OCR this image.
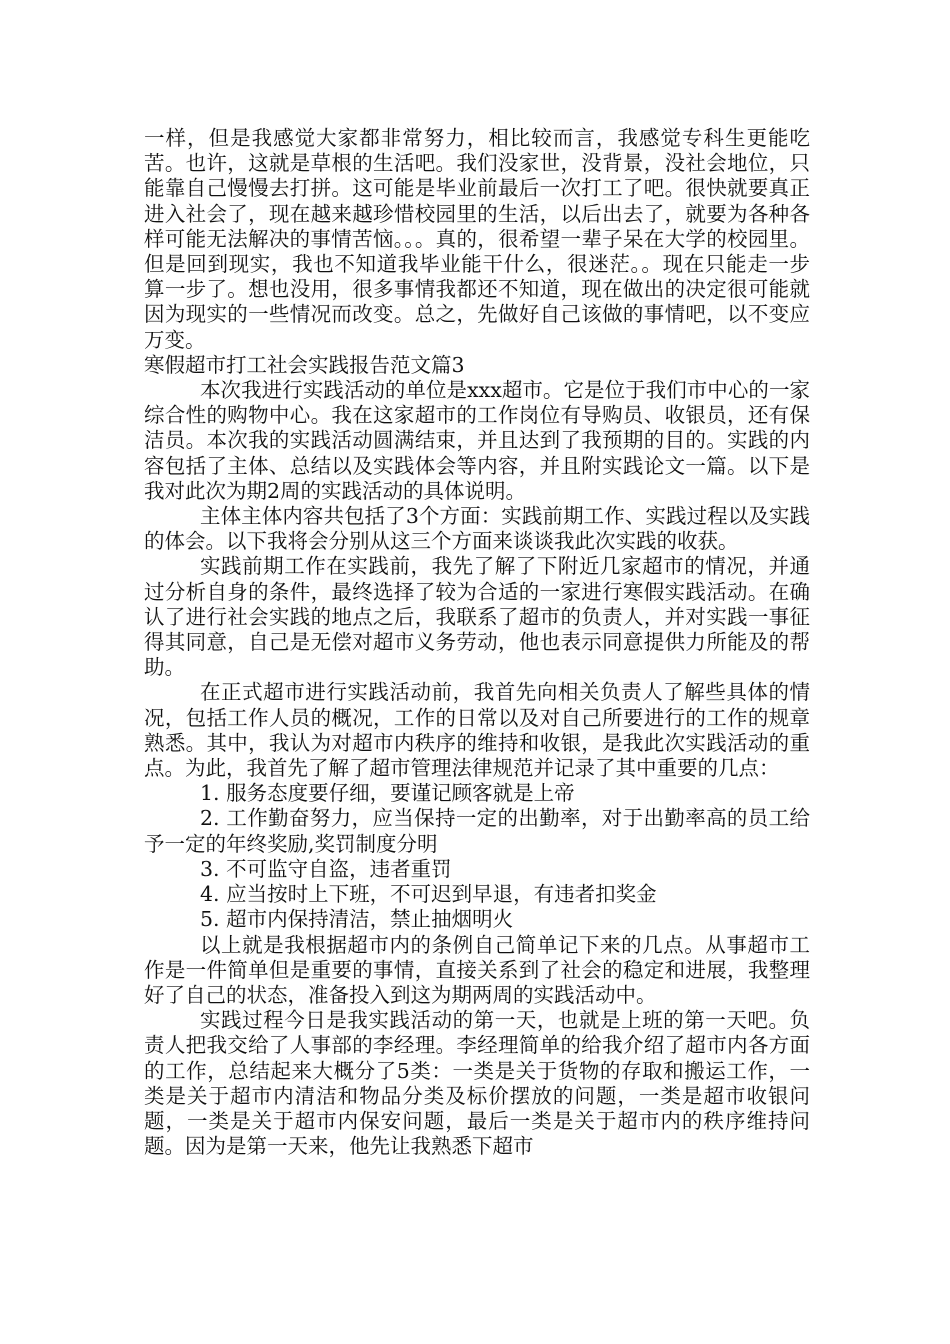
一样，但是我感觉大家都非常努力，相比较而言，我感觉专科生更能吃苦。也许，这就是草根的生活吧。我们没家世，没背景，没社会地位，只能靠自己慢慢去打拼。这可能是毕业前最后一次打工了吧。很快就要真正进入社会了，现在越来越珍惜校园里的生活，以后出去了，就要为各种各样可能无法解决的事情苦恼。。。真的，很希望一辈子呆在大学的校园里。但是回到现实，我也不知道我毕业能干什么，很迷茫。。现在只能走一步算一步了。想也没用，很多事情我都还不知道，现在做出的决定很可能就因为现实的一些情况而改变。总之，先做好自己该做的事情吧，以不变应万变。

寒假超市打工社会实践报告范文篇3

本次我进行实践活动的单位是xxx超市。它是位于我们市中心的一家综合性的购物中心。我在这家超市的工作岗位有导购员、收银员，还有保洁员。本次我的实践活动圆满结束，并且达到了我预期的目的。实践的内容包括了主体、总结以及实践体会等内容，并且附实践论文一篇。以下是我对此次为期2周的实践活动的具体说明。

主体主体内容共包括了3个方面：实践前期工作、实践过程以及实践的体会。以下我将会分别从这三个方面来谈谈我此次实践的收获。

实践前期工作在实践前，我先了解了下附近几家超市的情况，并通过分析自身的条件，最终选择了较为合适的一家进行寒假实践活动。在确认了进行社会实践的地点之后，我联系了超市的负责人，并对实践一事征得其同意，自己是无偿对超市义务劳动，他也表示同意提供力所能及的帮助。

在正式超市进行实践活动前，我首先向相关负责人了解些具体的情况，包括工作人员的概况，工作的日常以及对自己所要进行的工作的规章熟悉。其中，我认为对超市内秩序的维持和收银，是我此次实践活动的重点。为此，我首先了解了超市管理法律规范并记录了其中重要的几点：

1. 服务态度要仔细，要谨记顾客就是上帝

2. 工作勤奋努力，应当保持一定的出勤率，对于出勤率高的员工给予一定的年终奖励,奖罚制度分明

3. 不可监守自盗，违者重罚

4. 应当按时上下班，不可迟到早退，有违者扣奖金

5. 超市内保持清洁，禁止抽烟明火

以上就是我根据超市内的条例自己简单记下来的几点。从事超市工作是一件简单但是重要的事情，直接关系到了社会的稳定和进展，我整理好了自己的状态，准备投入到这为期两周的实践活动中。

实践过程今日是我实践活动的第一天，也就是上班的第一天吧。负责人把我交给了人事部的李经理。李经理简单的给我介绍了超市内各方面的工作，总结起来大概分了5类：一类是关于货物的存取和搬运工作，一类是关于超市内清洁和物品分类及标价摆放的问题，一类是超市收银问题，一类是关于超市内保安问题，最后一类是关于超市内的秩序维持问题。因为是第一天来，他先让我熟悉下超市
